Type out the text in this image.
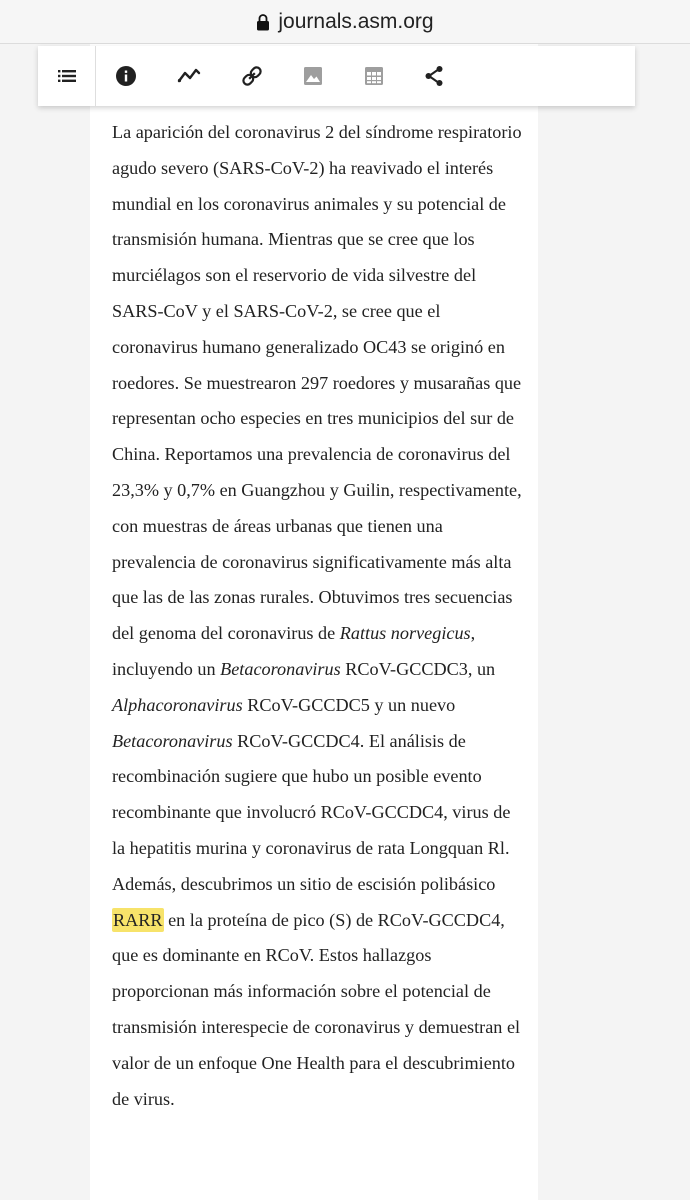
journals.asm.org

La aparición del coronavirus 2 del síndrome respiratorio agudo severo (SARS-CoV-2) ha reavivado el interés mundial en los coronavirus animales y su potencial de transmisión humana. Mientras que se cree que los murciélagos son el reservorio de vida silvestre del SARS-CoV y el SARS-CoV-2, se cree que el coronavirus humano generalizado OC43 se originó en roedores. Se muestrearon 297 roedores y musarañas que representan ocho especies en tres municipios del sur de China. Reportamos una prevalencia de coronavirus del 23,3% y 0,7% en Guangzhou y Guilin, respectivamente, con muestras de áreas urbanas que tienen una prevalencia de coronavirus significativamente más alta que las de las zonas rurales. Obtuvimos tres secuencias del genoma del coronavirus de Rattus norvegicus, incluyendo un Betacoronavirus RCoV-GCCDC3, un Alphacoronavirus RCoV-GCCDC5 y un nuevo Betacoronavirus RCoV-GCCDC4. El análisis de recombinación sugiere que hubo un posible evento recombinante que involucró RCoV-GCCDC4, virus de la hepatitis murina y coronavirus de rata Longquan Rl. Además, descubrimos un sitio de escisión polibásico RARR en la proteína de pico (S) de RCoV-GCCDC4, que es dominante en RCoV. Estos hallazgos proporcionan más información sobre el potencial de transmisión interespecie de coronavirus y demuestran el valor de un enfoque One Health para el descubrimiento de virus.
